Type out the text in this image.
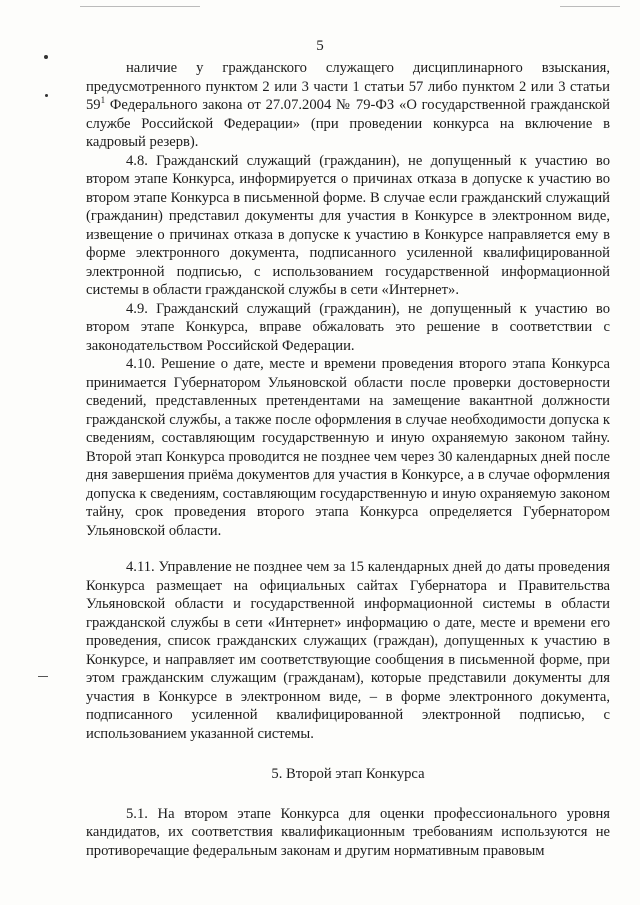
5

наличие у гражданского служащего дисциплинарного взыскания, предусмотренного пунктом 2 или 3 части 1 статьи 57 либо пунктом 2 или 3 статьи $59^1$ Федерального закона от 27.07.2004 № 79-ФЗ «О государственной гражданской службе Российской Федерации» (при проведении конкурса на включение в кадровый резерв).

4.8. Гражданский служащий (гражданин), не допущенный к участию во втором этапе Конкурса, информируется о причинах отказа в допуске к участию во втором этапе Конкурса в письменной форме. В случае если гражданский служащий (гражданин) представил документы для участия в Конкурсе в электронном виде, извещение о причинах отказа в допуске к участию в Конкурсе направляется ему в форме электронного документа, подписанного усиленной квалифицированной электронной подписью, с использованием государственной информационной системы в области гражданской службы в сети «Интернет».

4.9. Гражданский служащий (гражданин), не допущенный к участию во втором этапе Конкурса, вправе обжаловать это решение в соответствии с законодательством Российской Федерации.

4.10. Решение о дате, месте и времени проведения второго этапа Конкурса принимается Губернатором Ульяновской области после проверки достоверности сведений, представленных претендентами на замещение вакантной должности гражданской службы, а также после оформления в случае необходимости допуска к сведениям, составляющим государственную и иную охраняемую законом тайну. Второй этап Конкурса проводится не позднее чем через 30 календарных дней после дня завершения приёма документов для участия в Конкурсе, а в случае оформления допуска к сведениям, составляющим государственную и иную охраняемую законом тайну, срок проведения второго этапа Конкурса определяется Губернатором Ульяновской области.

4.11. Управление не позднее чем за 15 календарных дней до даты проведения Конкурса размещает на официальных сайтах Губернатора и Правительства Ульяновской области и государственной информационной системы в области гражданской службы в сети «Интернет» информацию о дате, месте и времени его проведения, список гражданских служащих (граждан), допущенных к участию в Конкурсе, и направляет им соответствующие сообщения в письменной форме, при этом гражданским служащим (гражданам), которые представили документы для участия в Конкурсе в электронном виде, – в форме электронного документа, подписанного усиленной квалифицированной электронной подписью, с использованием указанной системы.

5. Второй этап Конкурса

5.1. На втором этапе Конкурса для оценки профессионального уровня кандидатов, их соответствия квалификационным требованиям используются не противоречащие федеральным законам и другим нормативным правовым
